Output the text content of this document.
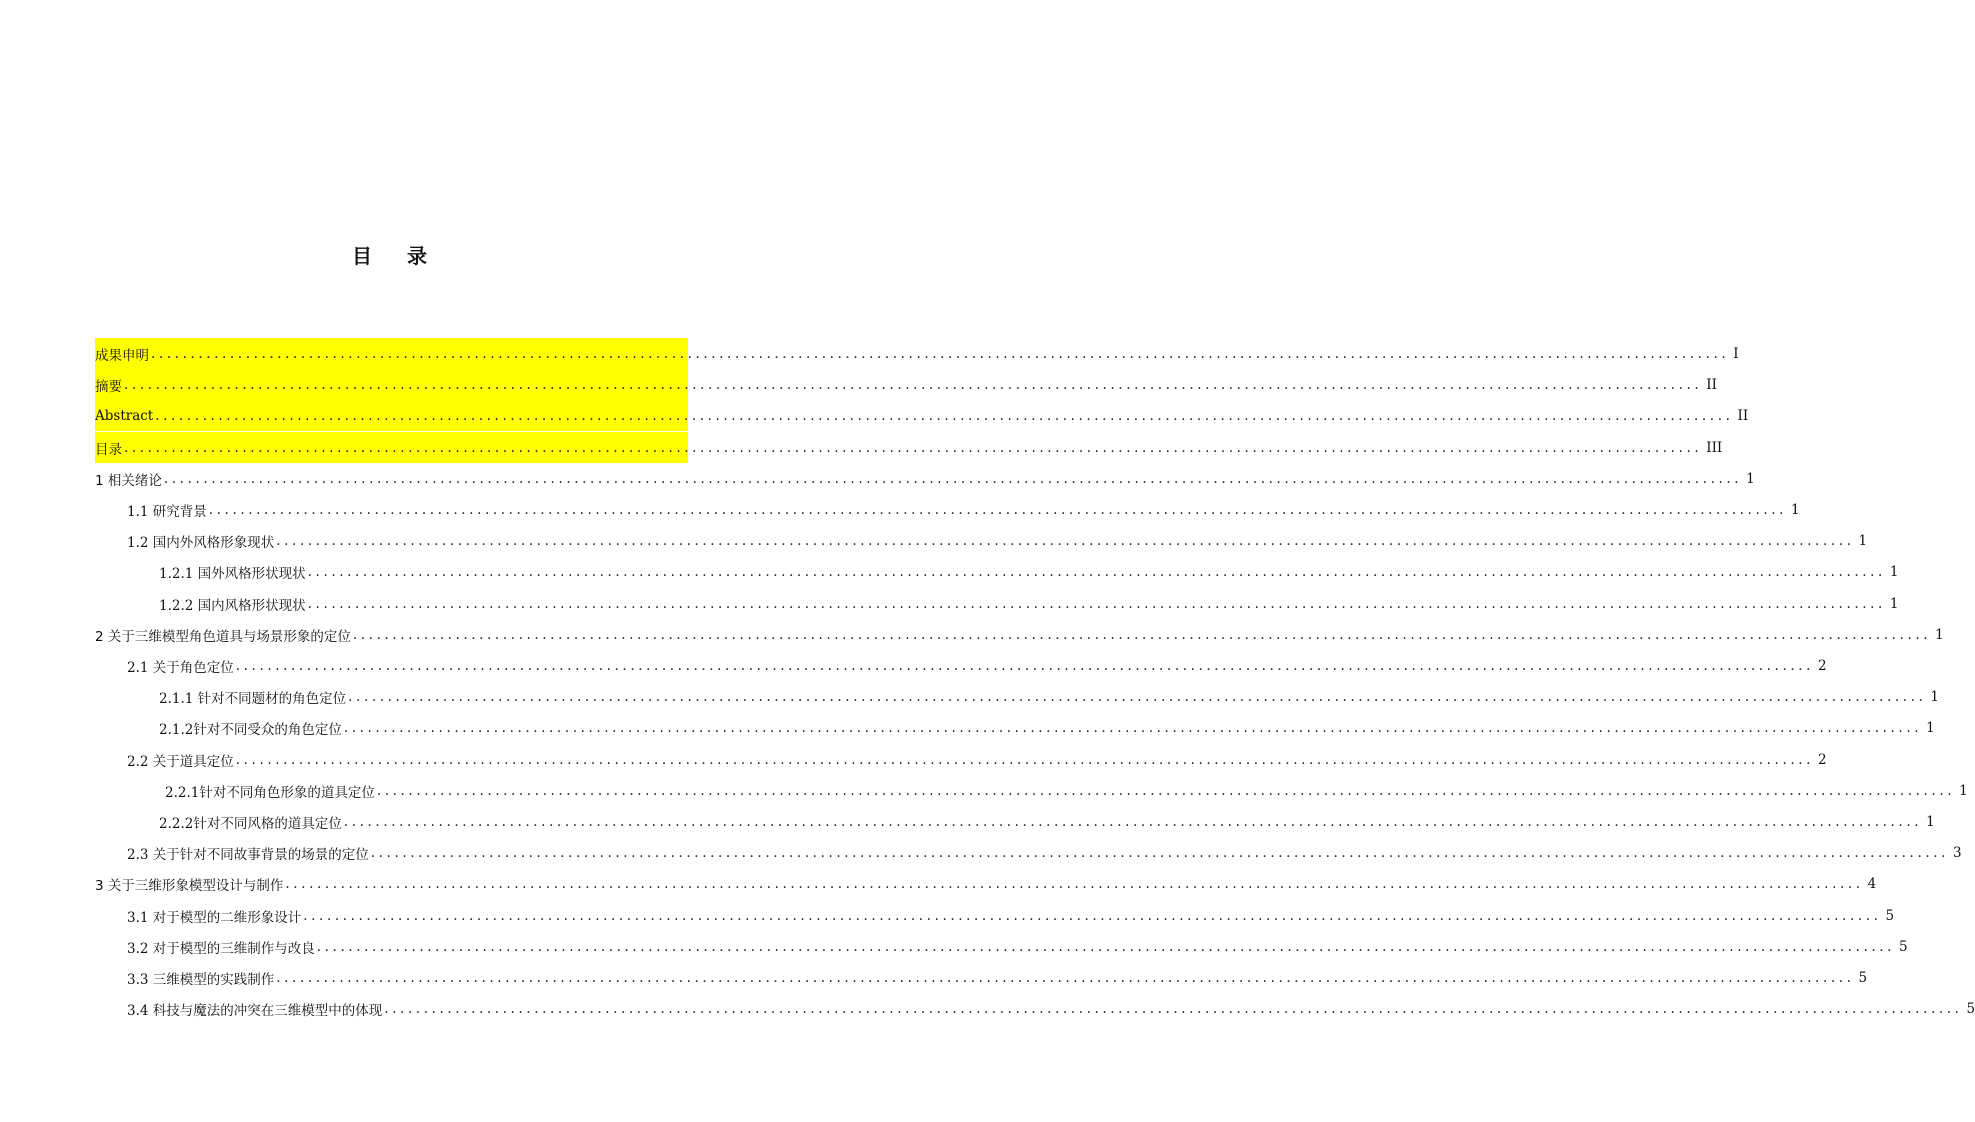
目 录
成果申明 ........................................................................................................................................................................................................ I
摘要 ........................................................................................................................................................................................................ II
Abstract ........................................................................................................................................................................................................ II
目录 ........................................................................................................................................................................................................ III
1 相关绪论 ........................................................................................................................................................................................................ 1
1.1 研究背景 ........................................................................................................................................................................................................ 1
1.2 国内外风格形象现状 ........................................................................................................................................................................................................ 1
1.2.1 国外风格形状现状 ........................................................................................................................................................................................................ 1
1.2.2 国内风格形状现状 ........................................................................................................................................................................................................ 1
2 关于三维模型角色道具与场景形象的定位 ........................................................................................................................................................................................................ 1
2.1 关于角色定位 ........................................................................................................................................................................................................ 2
2.1.1 针对不同题材的角色定位 ........................................................................................................................................................................................................ 1
2.1.2针对不同受众的角色定位 ........................................................................................................................................................................................................ 1
2.2 关于道具定位 ........................................................................................................................................................................................................ 2
2.2.1针对不同角色形象的道具定位 ........................................................................................................................................................................................................ 1
2.2.2针对不同风格的道具定位 ........................................................................................................................................................................................................ 1
2.3 关于针对不同故事背景的场景的定位 ........................................................................................................................................................................................................ 3
3 关于三维形象模型设计与制作 ........................................................................................................................................................................................................ 4
3.1 对于模型的二维形象设计 ........................................................................................................................................................................................................ 5
3.2 对于模型的三维制作与改良 ........................................................................................................................................................................................................ 5
3.3 三维模型的实践制作 ........................................................................................................................................................................................................ 5
3.4 科技与魔法的冲突在三维模型中的体现 ........................................................................................................................................................................................................ 5
